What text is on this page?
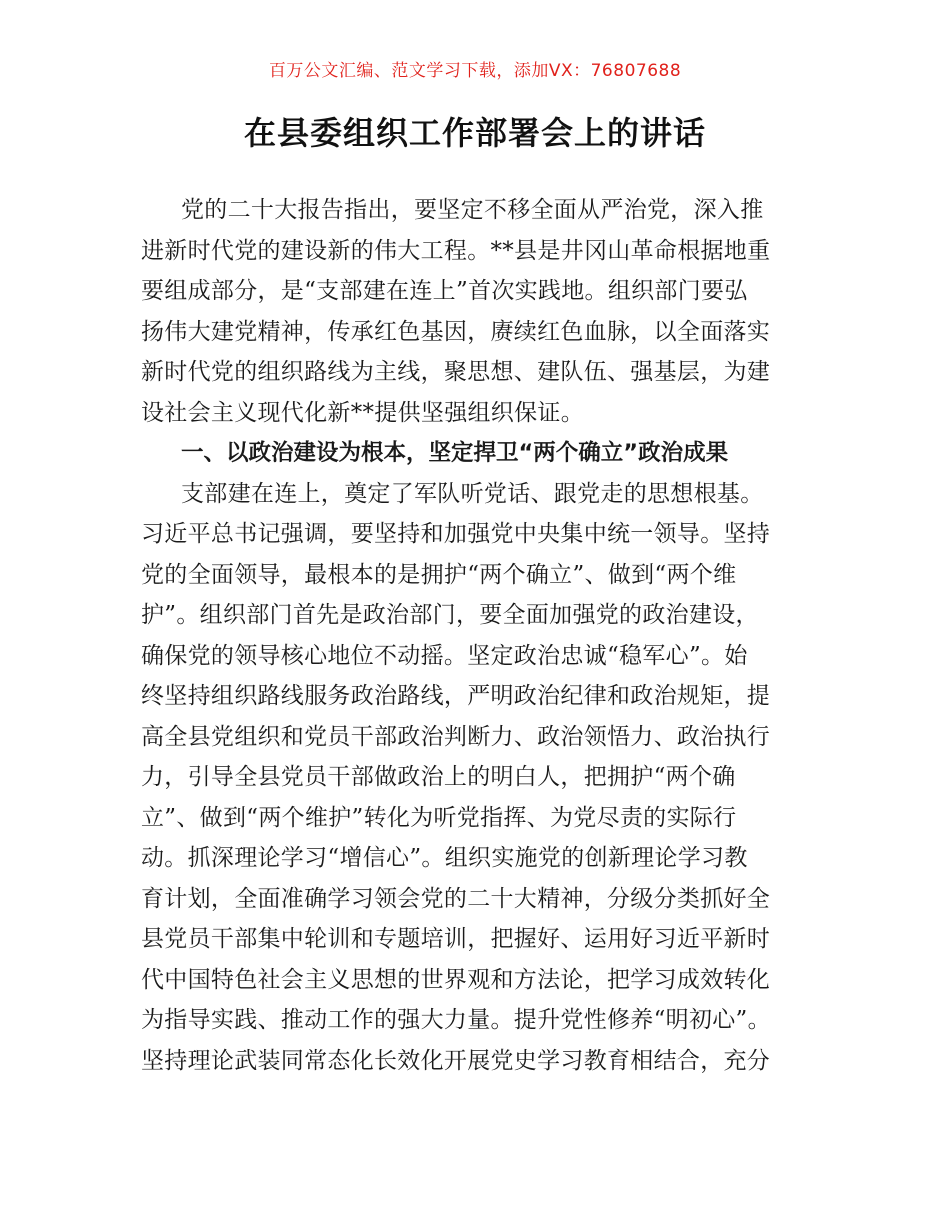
百万公文汇编、范文学习下载，添加VX：76807688
在县委组织工作部署会上的讲话
党的二十大报告指出，要坚定不移全面从严治党，深入推
进新时代党的建设新的伟大工程。**县是井冈山革命根据地重
要组成部分，是“支部建在连上”首次实践地。组织部门要弘
扬伟大建党精神，传承红色基因，赓续红色血脉，以全面落实
新时代党的组织路线为主线，聚思想、建队伍、强基层，为建
设社会主义现代化新**提供坚强组织保证。
一、以政治建设为根本，坚定捍卫“两个确立”政治成果
支部建在连上，奠定了军队听党话、跟党走的思想根基。
习近平总书记强调，要坚持和加强党中央集中统一领导。坚持
党的全面领导，最根本的是拥护“两个确立”、做到“两个维
护”。组织部门首先是政治部门，要全面加强党的政治建设，
确保党的领导核心地位不动摇。坚定政治忠诚“稳军心”。始
终坚持组织路线服务政治路线，严明政治纪律和政治规矩，提
高全县党组织和党员干部政治判断力、政治领悟力、政治执行
力，引导全县党员干部做政治上的明白人，把拥护“两个确
立”、做到“两个维护”转化为听党指挥、为党尽责的实际行
动。抓深理论学习“增信心”。组织实施党的创新理论学习教
育计划，全面准确学习领会党的二十大精神，分级分类抓好全
县党员干部集中轮训和专题培训，把握好、运用好习近平新时
代中国特色社会主义思想的世界观和方法论，把学习成效转化
为指导实践、推动工作的强大力量。提升党性修养“明初心”。
坚持理论武装同常态化长效化开展党史学习教育相结合，充分
